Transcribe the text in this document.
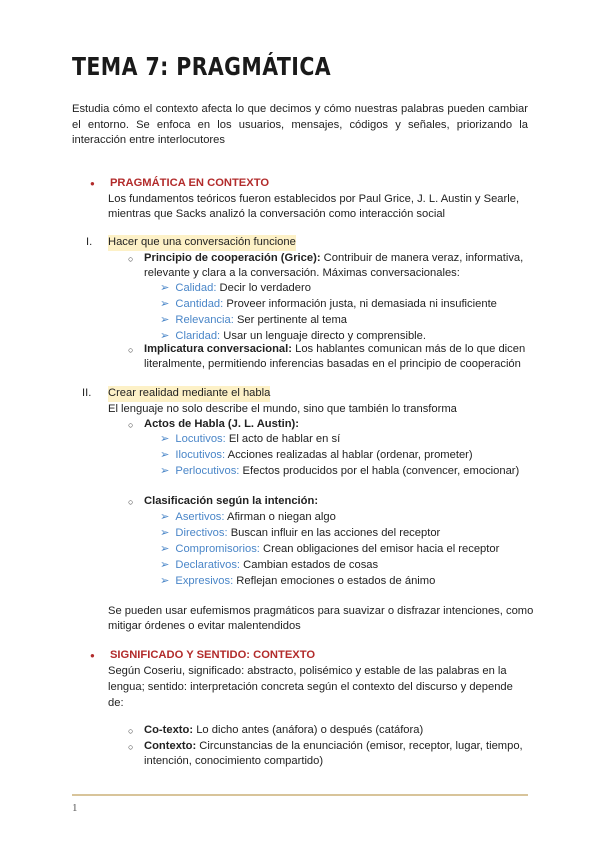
TEMA 7: PRAGMÁTICA
Estudia cómo el contexto afecta lo que decimos y cómo nuestras palabras pueden cambiar el entorno. Se enfoca en los usuarios, mensajes, códigos y señales, priorizando la interacción entre interlocutores
● PRAGMÁTICA EN CONTEXTO
Los fundamentos teóricos fueron establecidos por Paul Grice, J. L. Austin y Searle,
mientras que Sacks analizó la conversación como interacción social
I. Hacer que una conversación funcione
○ Principio de cooperación (Grice): Contribuir de manera veraz, informativa,
relevante y clara a la conversación. Máximas conversacionales:
➢ Calidad: Decir lo verdadero
➢ Cantidad: Proveer información justa, ni demasiada ni insuficiente
➢ Relevancia: Ser pertinente al tema
➢ Claridad: Usar un lenguaje directo y comprensible.
○ Implicatura conversacional: Los hablantes comunican más de lo que dicen
literalmente, permitiendo inferencias basadas en el principio de cooperación
II. Crear realidad mediante el habla
El lenguaje no solo describe el mundo, sino que también lo transforma
○ Actos de Habla (J. L. Austin):
➢ Locutivos: El acto de hablar en sí
➢ Ilocutivos: Acciones realizadas al hablar (ordenar, prometer)
➢ Perlocutivos: Efectos producidos por el habla (convencer, emocionar)
○ Clasificación según la intención:
➢ Asertivos: Afirman o niegan algo
➢ Directivos: Buscan influir en las acciones del receptor
➢ Compromisorios: Crean obligaciones del emisor hacia el receptor
➢ Declarativos: Cambian estados de cosas
➢ Expresivos: Reflejan emociones o estados de ánimo
Se pueden usar eufemismos pragmáticos para suavizar o disfrazar intenciones, como
mitigar órdenes o evitar malentendidos
● SIGNIFICADO Y SENTIDO: CONTEXTO
Según Coseriu, significado: abstracto, polisémico y estable de las palabras en la
lengua; sentido: interpretación concreta según el contexto del discurso y depende
de:
○ Co-texto: Lo dicho antes (anáfora) o después (catáfora)
○ Contexto: Circunstancias de la enunciación (emisor, receptor, lugar, tiempo,
intención, conocimiento compartido)
1
